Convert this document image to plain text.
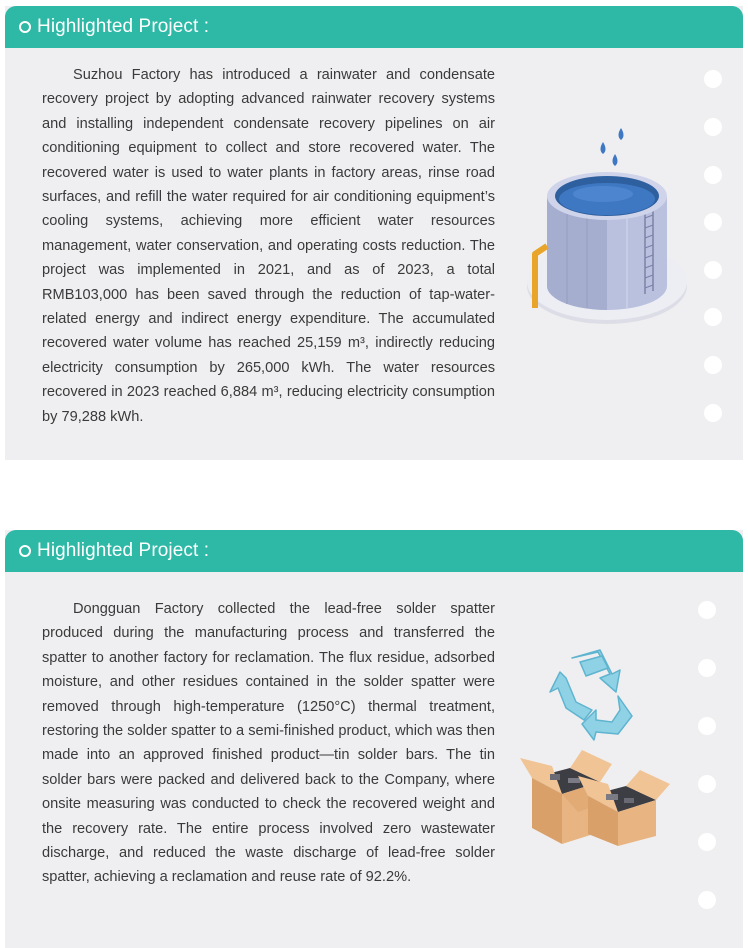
Highlighted Project :

Suzhou Factory has introduced a rainwater and condensate recovery project by adopting advanced rainwater recovery systems and installing independent condensate recovery pipelines on air conditioning equipment to collect and store recovered water. The recovered water is used to water plants in factory areas, rinse road surfaces, and refill the water required for air conditioning equipment’s cooling systems, achieving more efficient water resources management, water conservation, and operating costs reduction. The project was implemented in 2021, and as of 2023, a total RMB103,000 has been saved through the reduction of tap-water-related energy and indirect energy expenditure. The accumulated recovered water volume has reached 25,159 m³, indirectly reducing electricity consumption by 265,000 kWh. The water resources recovered in 2023 reached 6,884 m³, reducing electricity consumption by 79,288 kWh.

Highlighted Project :

Dongguan Factory collected the lead-free solder spatter produced during the manufacturing process and transferred the spatter to another factory for reclamation. The flux residue, adsorbed moisture, and other residues contained in the solder spatter were removed through high-temperature (1250°C) thermal treatment, restoring the solder spatter to a semi-finished product, which was then made into an approved finished product—tin solder bars. The tin solder bars were packed and delivered back to the Company, where onsite measuring was conducted to check the recovered weight and the recovery rate. The entire process involved zero wastewater discharge, and reduced the waste discharge of lead-free solder spatter, achieving a reclamation and reuse rate of 92.2%.
